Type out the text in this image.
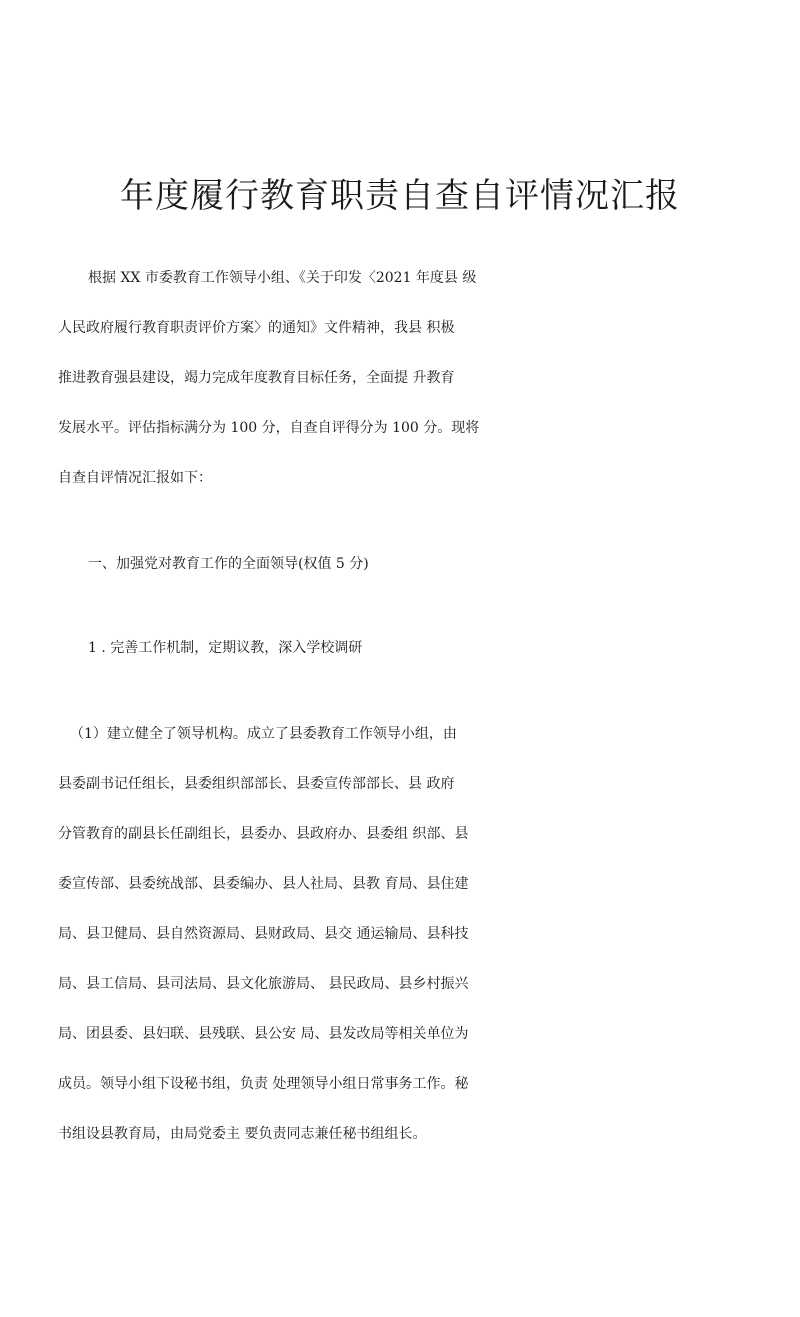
年度履行教育职责自查自评情况汇报

根据 XX 市委教育工作领导小组、《关于印发〈2021 年度县 级

人民政府履行教育职责评价方案〉的通知》文件精神，我县 积极

推进教育强县建设，竭力完成年度教育目标任务，全面提 升教育

发展水平。评估指标满分为 100 分，自查自评得分为 100 分。现将

自查自评情况汇报如下：

一、加强党对教育工作的全面领导(权值 5 分)

1 . 完善工作机制，定期议教，深入学校调研

（1）建立健全了领导机构。成立了县委教育工作领导小组，由

县委副书记任组长，县委组织部部长、县委宣传部部长、县 政府

分管教育的副县长任副组长，县委办、县政府办、县委组 织部、县

委宣传部、县委统战部、县委编办、县人社局、县教 育局、县住建

局、县卫健局、县自然资源局、县财政局、县交 通运输局、县科技

局、县工信局、县司法局、县文化旅游局、 县民政局、县乡村振兴

局、团县委、县妇联、县残联、县公安 局、县发改局等相关单位为

成员。领导小组下设秘书组，负责 处理领导小组日常事务工作。秘

书组设县教育局，由局党委主 要负责同志兼任秘书组组长。
